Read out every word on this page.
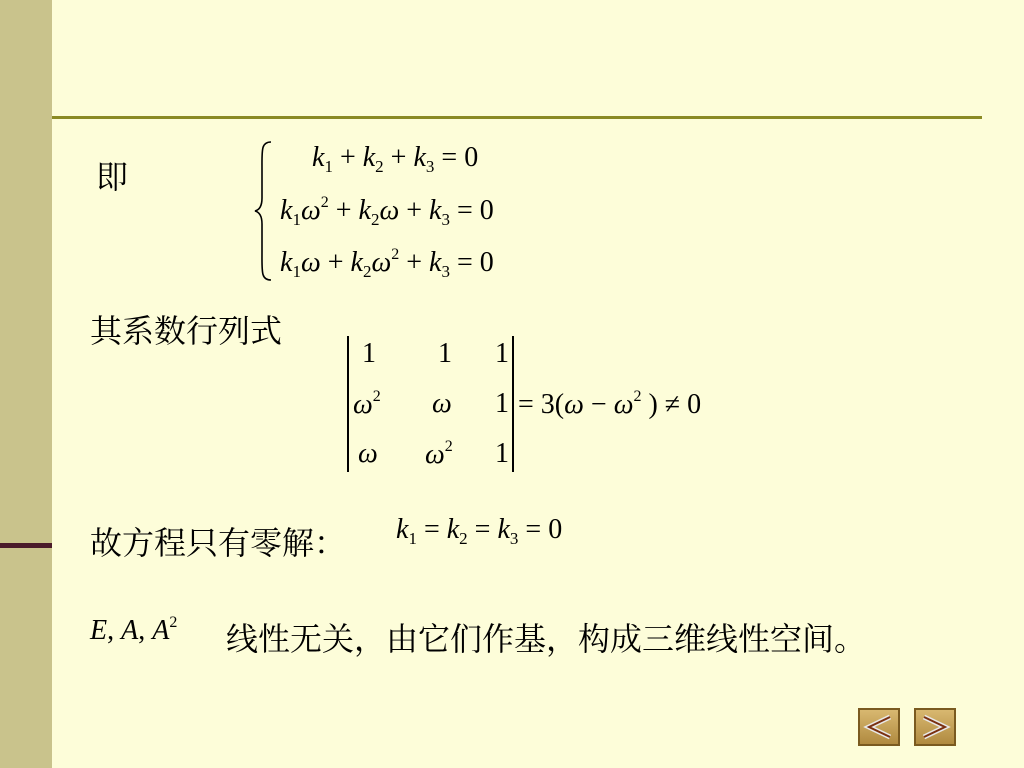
即
$k_1 + k_2 + k_3 = 0$
$k_1\omega^2 + k_2\omega + k_3 = 0$
$k_1\omega + k_2\omega^2 + k_3 = 0$
其系数行列式
1 1 1
$\omega^2$ ω 1
ω $\omega^2$ 1
= $3(\omega - \omega^2$ ) ≠ 0
故方程只有零解： $k_1 = k_2 = k_3 = 0$
E, A, $A^2$ 线性无关，由它们作基，构成三维线性空间。
